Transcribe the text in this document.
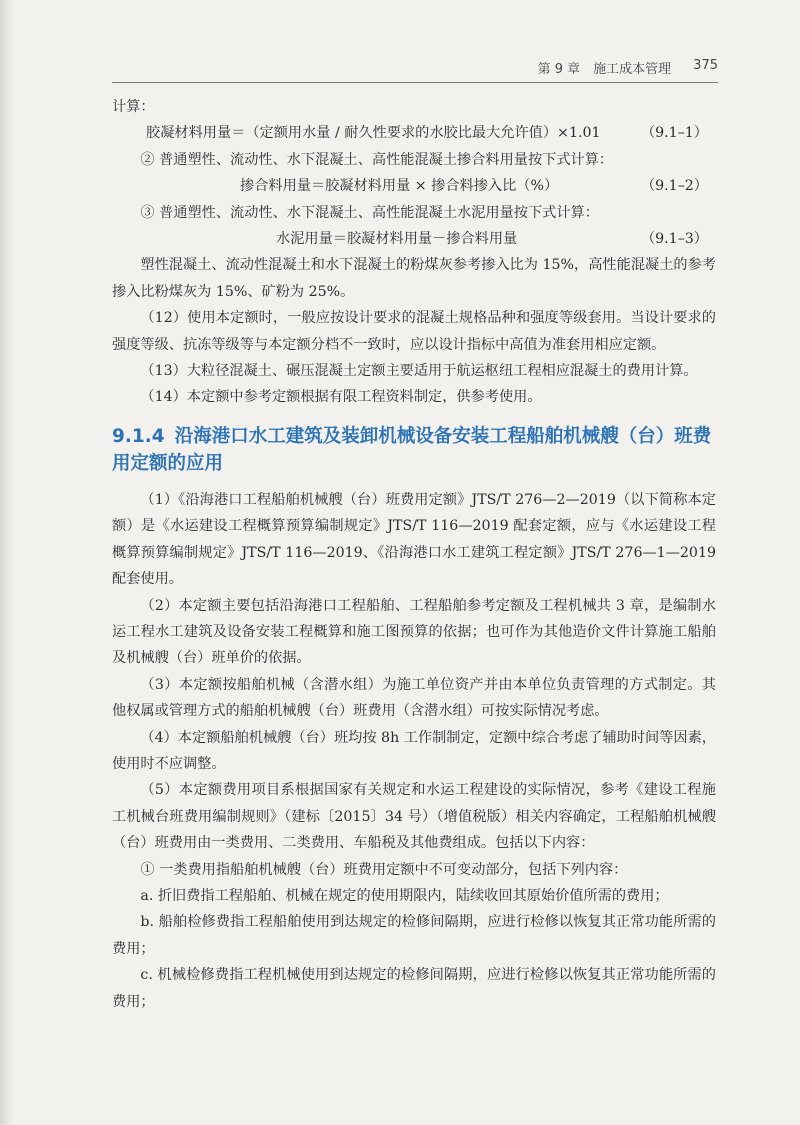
第 9 章　施工成本管理 375

计算：

胶凝材料用量＝（定额用水量 / 耐久性要求的水胶比最大允许值）×1.01	（9.1–1）

② 普通塑性、流动性、水下混凝土、高性能混凝土掺合料用量按下式计算：

掺合料用量＝胶凝材料用量 × 掺合料掺入比（%）	（9.1–2）

③ 普通塑性、流动性、水下混凝土、高性能混凝土水泥用量按下式计算：

水泥用量＝胶凝材料用量－掺合料用量	（9.1–3）

塑性混凝土、流动性混凝土和水下混凝土的粉煤灰参考掺入比为 15%，高性能混凝土的参考掺入比粉煤灰为 15%、矿粉为 25%。

（12）使用本定额时，一般应按设计要求的混凝土规格品种和强度等级套用。当设计要求的强度等级、抗冻等级等与本定额分档不一致时，应以设计指标中高值为准套用相应定额。

（13）大粒径混凝土、碾压混凝土定额主要适用于航运枢纽工程相应混凝土的费用计算。

（14）本定额中参考定额根据有限工程资料制定，供参考使用。

9.1.4 沿海港口水工建筑及装卸机械设备安装工程船舶机械艘（台）班费用定额的应用

（1）《沿海港口工程船舶机械艘（台）班费用定额》JTS/T 276—2—2019（以下简称本定额）是《水运建设工程概算预算编制规定》JTS/T 116—2019 配套定额，应与《水运建设工程概算预算编制规定》JTS/T 116—2019、《沿海港口水工建筑工程定额》JTS/T 276—1—2019 配套使用。

（2）本定额主要包括沿海港口工程船舶、工程船舶参考定额及工程机械共 3 章，是编制水运工程水工建筑及设备安装工程概算和施工图预算的依据；也可作为其他造价文件计算施工船舶及机械艘（台）班单价的依据。

（3）本定额按船舶机械（含潜水组）为施工单位资产并由本单位负责管理的方式制定。其他权属或管理方式的船舶机械艘（台）班费用（含潜水组）可按实际情况考虑。

（4）本定额船舶机械艘（台）班均按 8h 工作制制定，定额中综合考虑了辅助时间等因素，使用时不应调整。

（5）本定额费用项目系根据国家有关规定和水运工程建设的实际情况，参考《建设工程施工机械台班费用编制规则》（建标〔2015〕34 号）（增值税版）相关内容确定，工程船舶机械艘（台）班费用由一类费用、二类费用、车船税及其他费组成。包括以下内容：

① 一类费用指船舶机械艘（台）班费用定额中不可变动部分，包括下列内容：

a. 折旧费指工程船舶、机械在规定的使用期限内，陆续收回其原始价值所需的费用；

b. 船舶检修费指工程船舶使用到达规定的检修间隔期，应进行检修以恢复其正常功能所需的费用；

c. 机械检修费指工程机械使用到达规定的检修间隔期，应进行检修以恢复其正常功能所需的费用；
